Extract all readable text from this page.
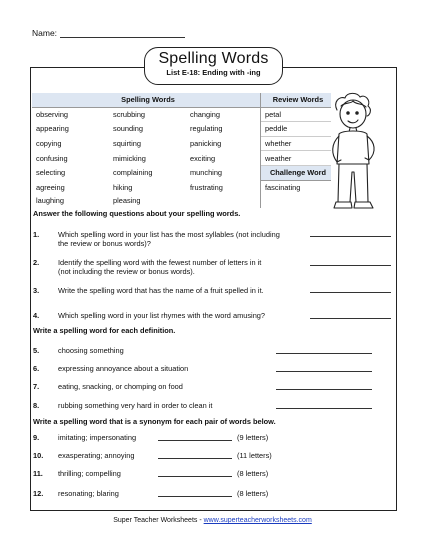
Name:
Spelling Words
List E-18: Ending with -ing
Spelling Words			Review Words
observing	scrubbing	changing	petal
appearing	sounding	regulating	peddle
copying	squirting	panicking	whether
confusing	mimicking	exciting	weather
selecting	complaining	munching	Challenge Word
agreeing	hiking	frustrating	fascinating
laughing	pleasing		
Answer the following questions about your spelling words.
1.	Which spelling word in your list has the most syllables (not including
the review or bonus words)?
2.	Identify the spelling word with the fewest number of letters in it
(not including the review or bonus words).
3.	Write the spelling word that has the name of a fruit spelled in it.
4.	Which spelling word in your list rhymes with the word amusing?
Write a spelling word for each definition.
5.	choosing something
6.	expressing annoyance about a situation
7.	eating, snacking, or chomping on food
8.	rubbing something very hard in order to clean it
Write a spelling word that is a synonym for each pair of words below.
9.	imitating; impersonating	(9 letters)
10. exasperating; annoying	(11 letters)
11. thrilling; compelling	(8 letters)
12. resonating; blaring	(8 letters)
Super Teacher Worksheets - www.superteacherworksheets.com
